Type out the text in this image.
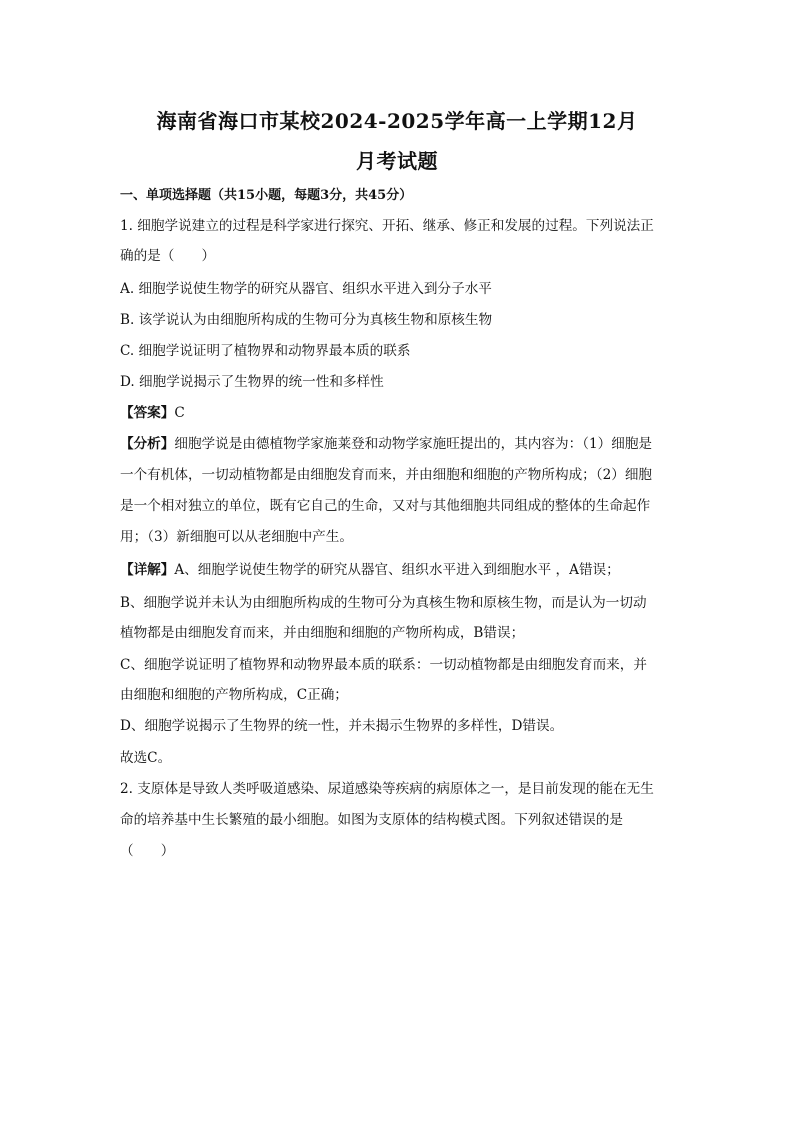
海南省海口市某校2024-2025学年高一上学期12月
月考试题
一、单项选择题（共15小题，每题3分，共45分）
1. 细胞学说建立的过程是科学家进行探究、开拓、继承、修正和发展的过程。下列说法正
确的是（　　）
A. 细胞学说使生物学的研究从器官、组织水平进入到分子水平
B. 该学说认为由细胞所构成的生物可分为真核生物和原核生物
C. 细胞学说证明了植物界和动物界最本质的联系
D. 细胞学说揭示了生物界的统一性和多样性
【答案】C
【分析】细胞学说是由德植物学家施莱登和动物学家施旺提出的，其内容为：（1）细胞是
一个有机体，一切动植物都是由细胞发育而来，并由细胞和细胞的产物所构成；（2）细胞
是一个相对独立的单位，既有它自己的生命，又对与其他细胞共同组成的整体的生命起作
用；（3）新细胞可以从老细胞中产生。
【详解】A、细胞学说使生物学的研究从器官、组织水平进入到细胞水平 ，A错误；
B、细胞学说并未认为由细胞所构成的生物可分为真核生物和原核生物，而是认为一切动
植物都是由细胞发育而来，并由细胞和细胞的产物所构成，B错误；
C、细胞学说证明了植物界和动物界最本质的联系：一切动植物都是由细胞发育而来，并
由细胞和细胞的产物所构成，C正确；
D、细胞学说揭示了生物界的统一性，并未揭示生物界的多样性，D错误。
故选C。
2. 支原体是导致人类呼吸道感染、尿道感染等疾病的病原体之一，是目前发现的能在无生
命的培养基中生长繁殖的最小细胞。如图为支原体的结构模式图。下列叙述错误的是
（　　）
